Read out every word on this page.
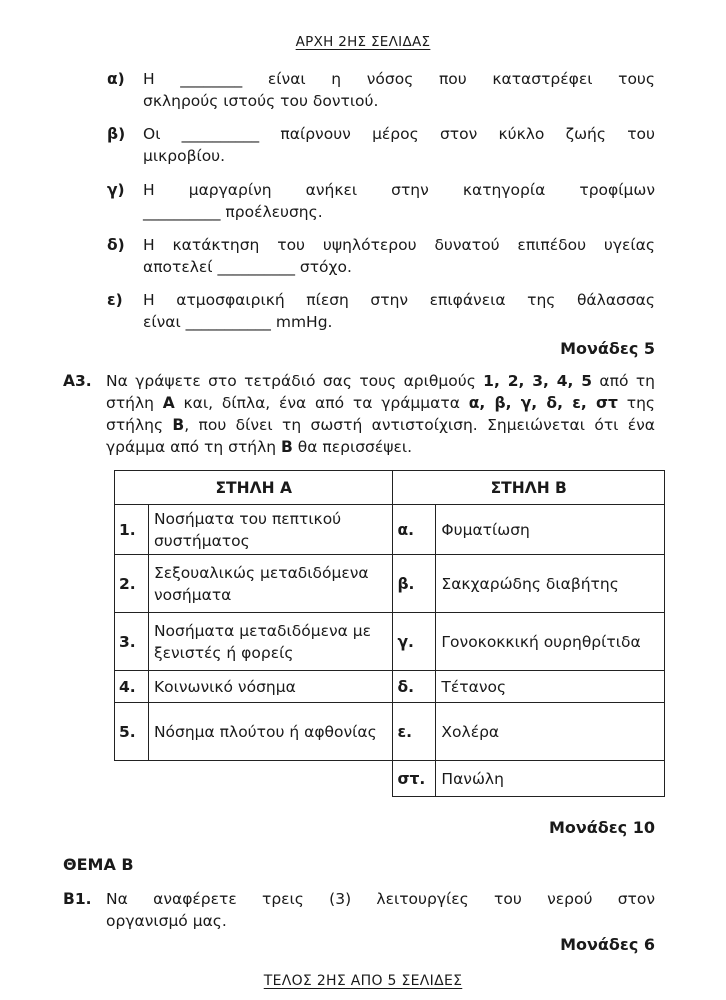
ΑΡΧΗ 2ΗΣ ΣΕΛΙΔΑΣ
α) Η ________ είναι η νόσος που καταστρέφει τους
σκληρούς ιστούς του δοντιού.
β) Οι __________ παίρνουν μέρος στον κύκλο ζωής του
μικροβίου.
γ) Η μαργαρίνη ανήκει στην κατηγορία τροφίμων
__________ προέλευσης.
δ) Η κατάκτηση του υψηλότερου δυνατού επιπέδου υγείας
αποτελεί __________ στόχο.
ε) Η ατμοσφαιρική πίεση στην επιφάνεια της θάλασσας
είναι ___________ mmHg.
Μονάδες 5
Α3. Να γράψετε στο τετράδιό σας τους αριθμούς 1, 2, 3, 4, 5 από τη στήλη Α και, δίπλα, ένα από τα γράμματα α, β, γ, δ, ε, στ της στήλης Β, που δίνει τη σωστή αντιστοίχιση. Σημειώνεται ότι ένα γράμμα από τη στήλη Β θα περισσέψει.
ΣΤΗΛΗ Α		ΣΤΗΛΗ Β	
1.	Νοσήματα του πεπτικού συστήματος	α.	Φυματίωση
2.	Σεξουαλικώς μεταδιδόμενα νοσήματα	β.	Σακχαρώδης διαβήτης
3.	Νοσήματα μεταδιδόμενα με ξενιστές ή φορείς	γ.	Γονοκοκκική ουρηθρίτιδα
4.	Κοινωνικό νόσημα	δ.	Τέτανος
5.	Νόσημα πλούτου ή αφθονίας	ε.	Χολέρα
		στ.	Πανώλη
Μονάδες 10
ΘΕΜΑ Β
Β1. Να αναφέρετε τρεις (3) λειτουργίες του νερού στον
οργανισμό μας.
Μονάδες 6
ΤΕΛΟΣ 2ΗΣ ΑΠΟ 5 ΣΕΛΙΔΕΣ
